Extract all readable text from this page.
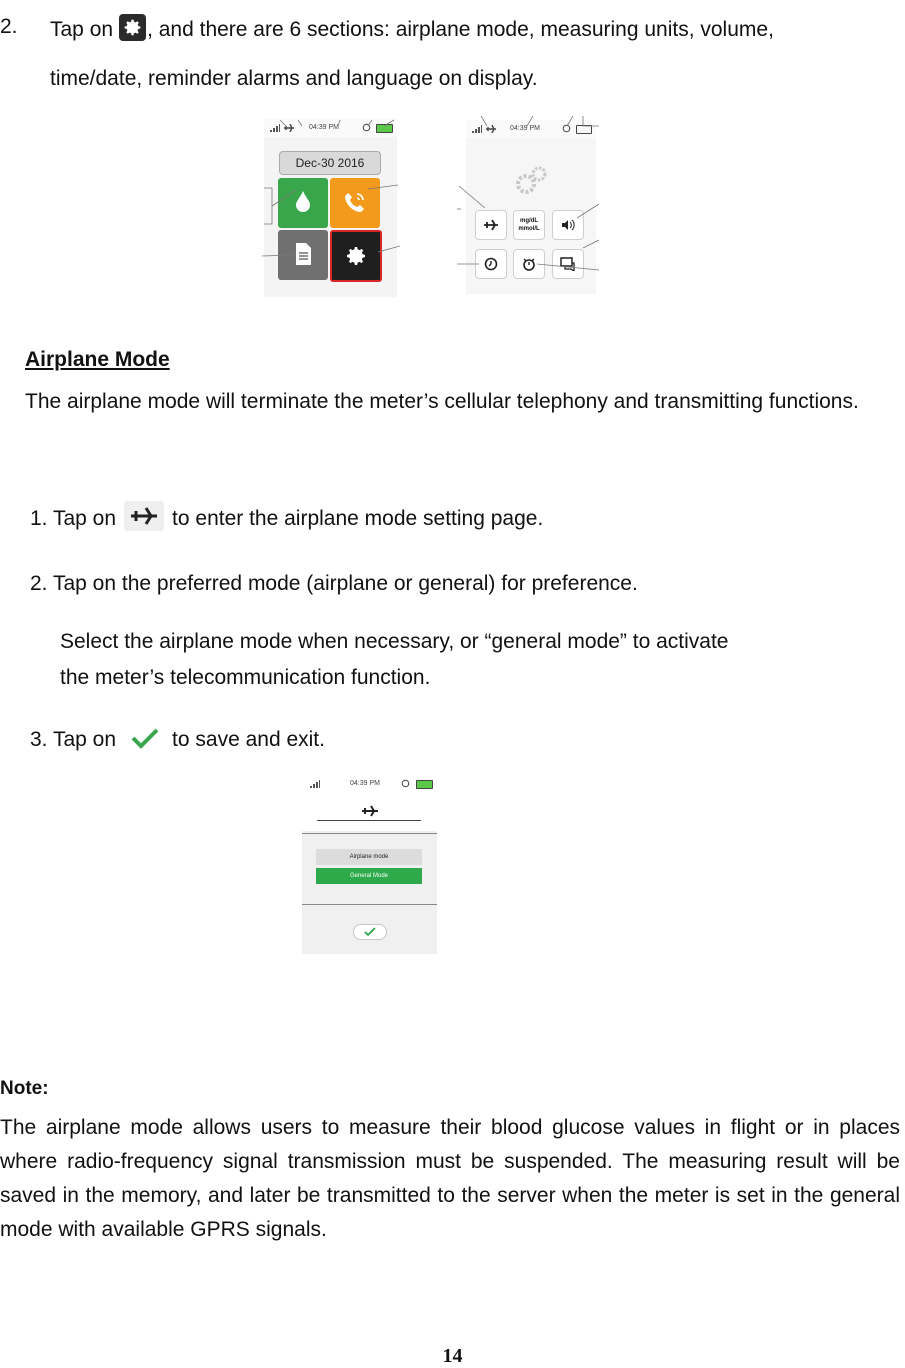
2. Tap on , and there are 6 sections: airplane mode, measuring units, volume,
time/date, reminder alarms and language on display.
04:39 PM
Dec-30 2016
04:39 PM
mg/dL
mmol/L
Airplane Mode
The airplane mode will terminate the meter’s cellular telephony and transmitting functions.
1. Tap on	to enter the airplane mode setting page.
2. Tap on the preferred mode (airplane or general) for preference.
Select the airplane mode when necessary, or “general mode” to activate
the meter’s telecommunication function.
3. Tap on	to save and exit.
04:39 PM
Airplane mode
General Mode
Note:
The airplane mode allows users to measure their blood glucose values in flight or in places where radio-frequency signal transmission must be suspended. The measuring result will be saved in the memory, and later be transmitted to the server when the meter is set in the general mode with available GPRS signals.
14
